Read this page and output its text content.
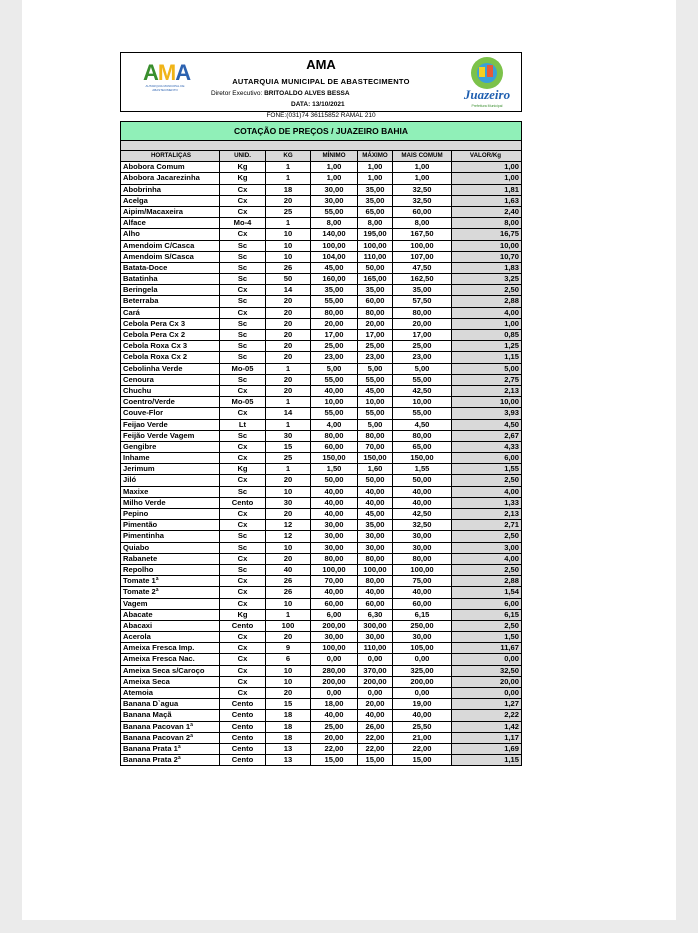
AMA
AUTARQUIA MUNICIPAL DE ABASTECIMENTO
AMA
AUTARQUIA MUNICIPAL DE ABASTECIMENTO
Diretor Executivo: BRITOALDO ALVES BESSA
DATA: 13/10/2021
Juazeiro
Prefeitura Municipal
FONE:(031)74 36115852 RAMAL 210
COTAÇÃO DE PREÇOS / JUAZEIRO BAHIA
HORTALIÇAS	UNID.	KG	MÍNIMO	MÁXIMO	MAIS COMUM	VALOR/Kg
Abobora Comum	Kg	1	1,00	1,00	1,00	1,00
Abobora Jacarezinha	Kg	1	1,00	1,00	1,00	1,00
Abobrinha	Cx	18	30,00	35,00	32,50	1,81
Acelga	Cx	20	30,00	35,00	32,50	1,63
Aipim/Macaxeira	Cx	25	55,00	65,00	60,00	2,40
Alface	Mo-4	1	8,00	8,00	8,00	8,00
Alho	Cx	10	140,00	195,00	167,50	16,75
Amendoim C/Casca	Sc	10	100,00	100,00	100,00	10,00
Amendoim S/Casca	Sc	10	104,00	110,00	107,00	10,70
Batata-Doce	Sc	26	45,00	50,00	47,50	1,83
Batatinha	Sc	50	160,00	165,00	162,50	3,25
Beringela	Cx	14	35,00	35,00	35,00	2,50
Beterraba	Sc	20	55,00	60,00	57,50	2,88
Cará	Cx	20	80,00	80,00	80,00	4,00
Cebola Pera Cx 3	Sc	20	20,00	20,00	20,00	1,00
Cebola Pera Cx 2	Sc	20	17,00	17,00	17,00	0,85
Cebola Roxa Cx 3	Sc	20	25,00	25,00	25,00	1,25
Cebola Roxa Cx 2	Sc	20	23,00	23,00	23,00	1,15
Cebolinha Verde	Mo-05	1	5,00	5,00	5,00	5,00
Cenoura	Sc	20	55,00	55,00	55,00	2,75
Chuchu	Cx	20	40,00	45,00	42,50	2,13
Coentro/Verde	Mo-05	1	10,00	10,00	10,00	10,00
Couve-Flor	Cx	14	55,00	55,00	55,00	3,93
Feijao Verde	Lt	1	4,00	5,00	4,50	4,50
Feijão Verde Vagem	Sc	30	80,00	80,00	80,00	2,67
Gengibre	Cx	15	60,00	70,00	65,00	4,33
Inhame	Cx	25	150,00	150,00	150,00	6,00
Jerimum	Kg	1	1,50	1,60	1,55	1,55
Jiló	Cx	20	50,00	50,00	50,00	2,50
Maxixe	Sc	10	40,00	40,00	40,00	4,00
Milho Verde	Cento	30	40,00	40,00	40,00	1,33
Pepino	Cx	20	40,00	45,00	42,50	2,13
Pimentão	Cx	12	30,00	35,00	32,50	2,71
Pimentinha	Sc	12	30,00	30,00	30,00	2,50
Quiabo	Sc	10	30,00	30,00	30,00	3,00
Rabanete	Cx	20	80,00	80,00	80,00	4,00
Repolho	Sc	40	100,00	100,00	100,00	2,50
Tomate 1ª	Cx	26	70,00	80,00	75,00	2,88
Tomate 2ª	Cx	26	40,00	40,00	40,00	1,54
Vagem	Cx	10	60,00	60,00	60,00	6,00
Abacate	Kg	1	6,00	6,30	6,15	6,15
Abacaxi	Cento	100	200,00	300,00	250,00	2,50
Acerola	Cx	20	30,00	30,00	30,00	1,50
Ameixa Fresca Imp.	Cx	9	100,00	110,00	105,00	11,67
Ameixa Fresca Nac.	Cx	6	0,00	0,00	0,00	0,00
Ameixa Seca s/Caroço	Cx	10	280,00	370,00	325,00	32,50
Ameixa Seca	Cx	10	200,00	200,00	200,00	20,00
Atemoia	Cx	20	0,00	0,00	0,00	0,00
Banana D`agua	Cento	15	18,00	20,00	19,00	1,27
Banana Maçã	Cento	18	40,00	40,00	40,00	2,22
Banana Pacovan 1ª	Cento	18	25,00	26,00	25,50	1,42
Banana Pacovan 2ª	Cento	18	20,00	22,00	21,00	1,17
Banana Prata 1ª	Cento	13	22,00	22,00	22,00	1,69
Banana Prata 2ª	Cento	13	15,00	15,00	15,00	1,15
